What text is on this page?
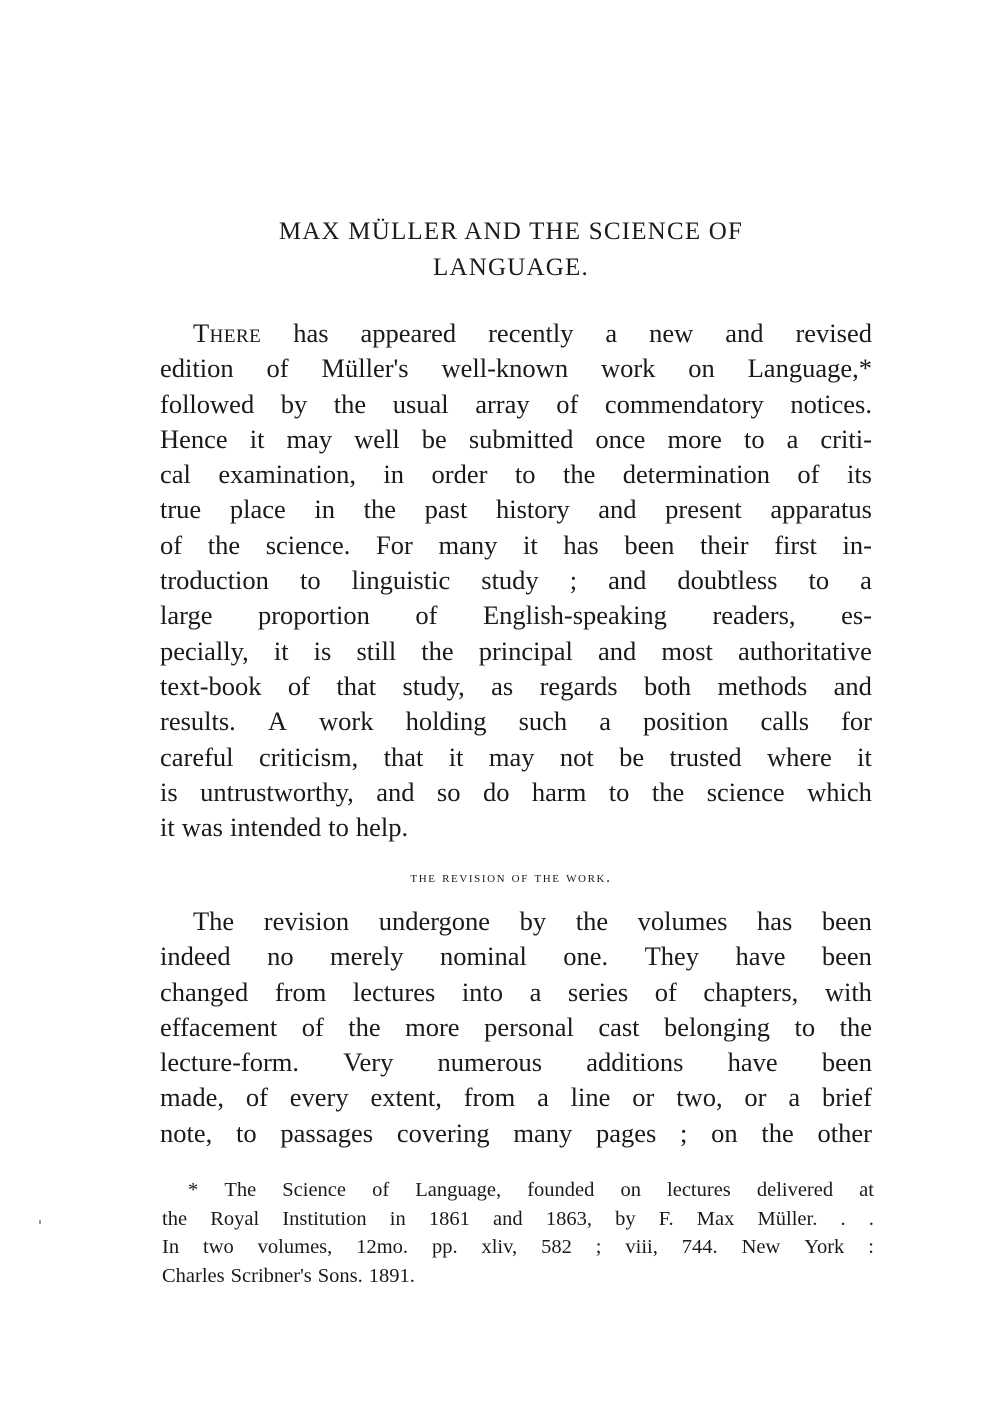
MAX MÜLLER AND THE SCIENCE OF
LANGUAGE.
There has appeared recently a new and revised
edition of Müller's well-known work on Language,*
followed by the usual array of commendatory notices.
Hence it may well be submitted once more to a criti-
cal examination, in order to the determination of its
true place in the past history and present apparatus
of the science. For many it has been their first in-
troduction to linguistic study ; and doubtless to a
large proportion of English-speaking readers, es-
pecially, it is still the principal and most authoritative
text-book of that study, as regards both methods and
results. A work holding such a position calls for
careful criticism, that it may not be trusted where it
is untrustworthy, and so do harm to the science which
it was intended to help.
the revision of the work.
The revision undergone by the volumes has been
indeed no merely nominal one. They have been
changed from lectures into a series of chapters, with
effacement of the more personal cast belonging to the
lecture-form. Very numerous additions have been
made, of every extent, from a line or two, or a brief
note, to passages covering many pages ; on the other
* The Science of Language, founded on lectures delivered at
the Royal Institution in 1861 and 1863, by F. Max Müller. . .
In two volumes, 12mo. pp. xliv, 582 ; viii, 744. New York :
Charles Scribner's Sons. 1891.
